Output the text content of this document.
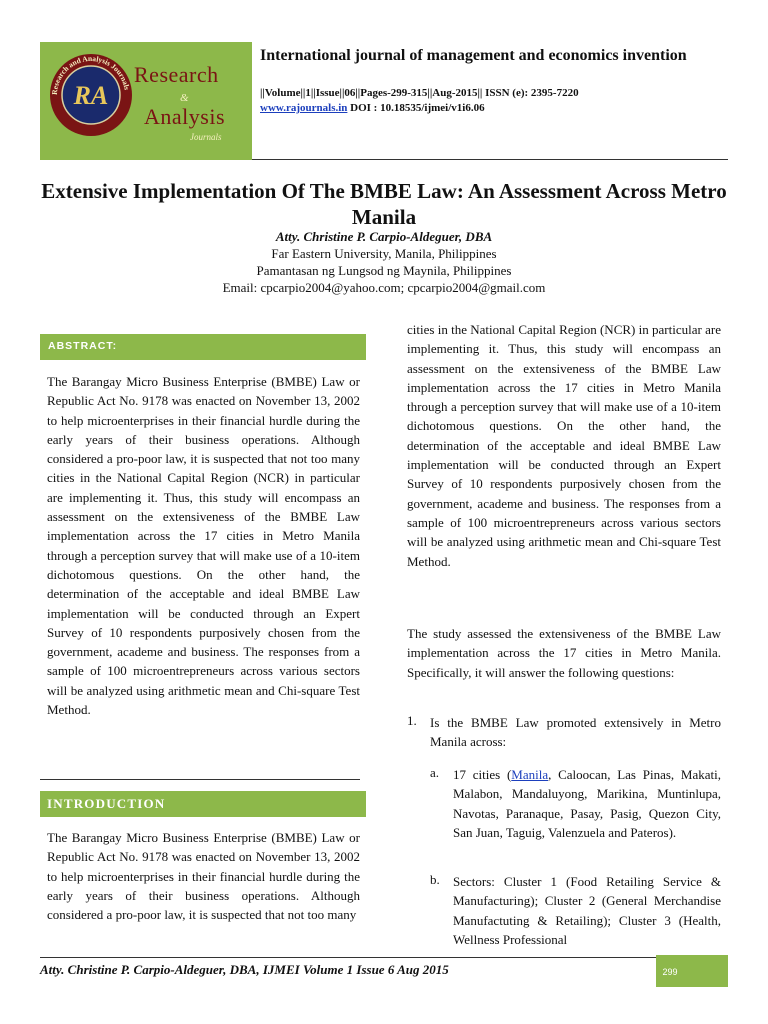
Research and Analysis Journals
RA
Research
&
Analysis
Journals
International journal of management and economics invention
||Volume||1||Issue||06||Pages-299-315||Aug-2015|| ISSN (e): 2395-7220
www.rajournals.in DOI : 10.18535/ijmei/v1i6.06
Extensive Implementation Of The BMBE Law: An Assessment Across Metro Manila
Atty. Christine P. Carpio-Aldeguer, DBA
Far Eastern University, Manila, Philippines
Pamantasan ng Lungsod ng Maynila, Philippines
Email: cpcarpio2004@yahoo.com; cpcarpio2004@gmail.com
ABSTRACT:

The Barangay Micro Business Enterprise (BMBE) Law or Republic Act No. 9178 was enacted on November 13, 2002 to help microenterprises in their financial hurdle during the early years of their business operations. Although considered a pro-poor law, it is suspected that not too many cities in the National Capital Region (NCR) in particular are implementing it. Thus, this study will encompass an assessment on the extensiveness of the BMBE Law implementation across the 17 cities in Metro Manila through a perception survey that will make use of a 10-item dichotomous questions. On the other hand, the determination of the acceptable and ideal BMBE Law implementation will be conducted through an Expert Survey of 10 respondents purposively chosen from the government, academe and business. The responses from a sample of 100 microentrepreneurs across various sectors will be analyzed using arithmetic mean and Chi-square Test Method.

INTRODUCTION

The Barangay Micro Business Enterprise (BMBE) Law or Republic Act No. 9178 was enacted on November 13, 2002 to help microenterprises in their financial hurdle during the early years of their business operations. Although considered a pro-poor law, it is suspected that not too many

cities in the National Capital Region (NCR) in particular are implementing it. Thus, this study will encompass an assessment on the extensiveness of the BMBE Law implementation across the 17 cities in Metro Manila through a perception survey that will make use of a 10-item dichotomous questions. On the other hand, the determination of the acceptable and ideal BMBE Law implementation will be conducted through an Expert Survey of 10 respondents purposively chosen from the government, academe and business. The responses from a sample of 100 microentrepreneurs across various sectors will be analyzed using arithmetic mean and Chi-square Test Method.

The study assessed the extensiveness of the BMBE Law implementation across the 17 cities in Metro Manila. Specifically, it will answer the following questions:

1. Is the BMBE Law promoted extensively in Metro Manila across:
a. 17 cities (Manila, Caloocan, Las Pinas, Makati, Malabon, Mandaluyong, Marikina, Muntinlupa, Navotas, Paranaque, Pasay, Pasig, Quezon City, San Juan, Taguig, Valenzuela and Pateros).
b. Sectors: Cluster 1 (Food Retailing Service & Manufacturing); Cluster 2 (General Merchandise Manufactuting & Retailing); Cluster 3 (Health, Wellness Professional
Atty. Christine P. Carpio-Aldeguer, DBA, IJMEI Volume 1 Issue 6 Aug 2015	299
